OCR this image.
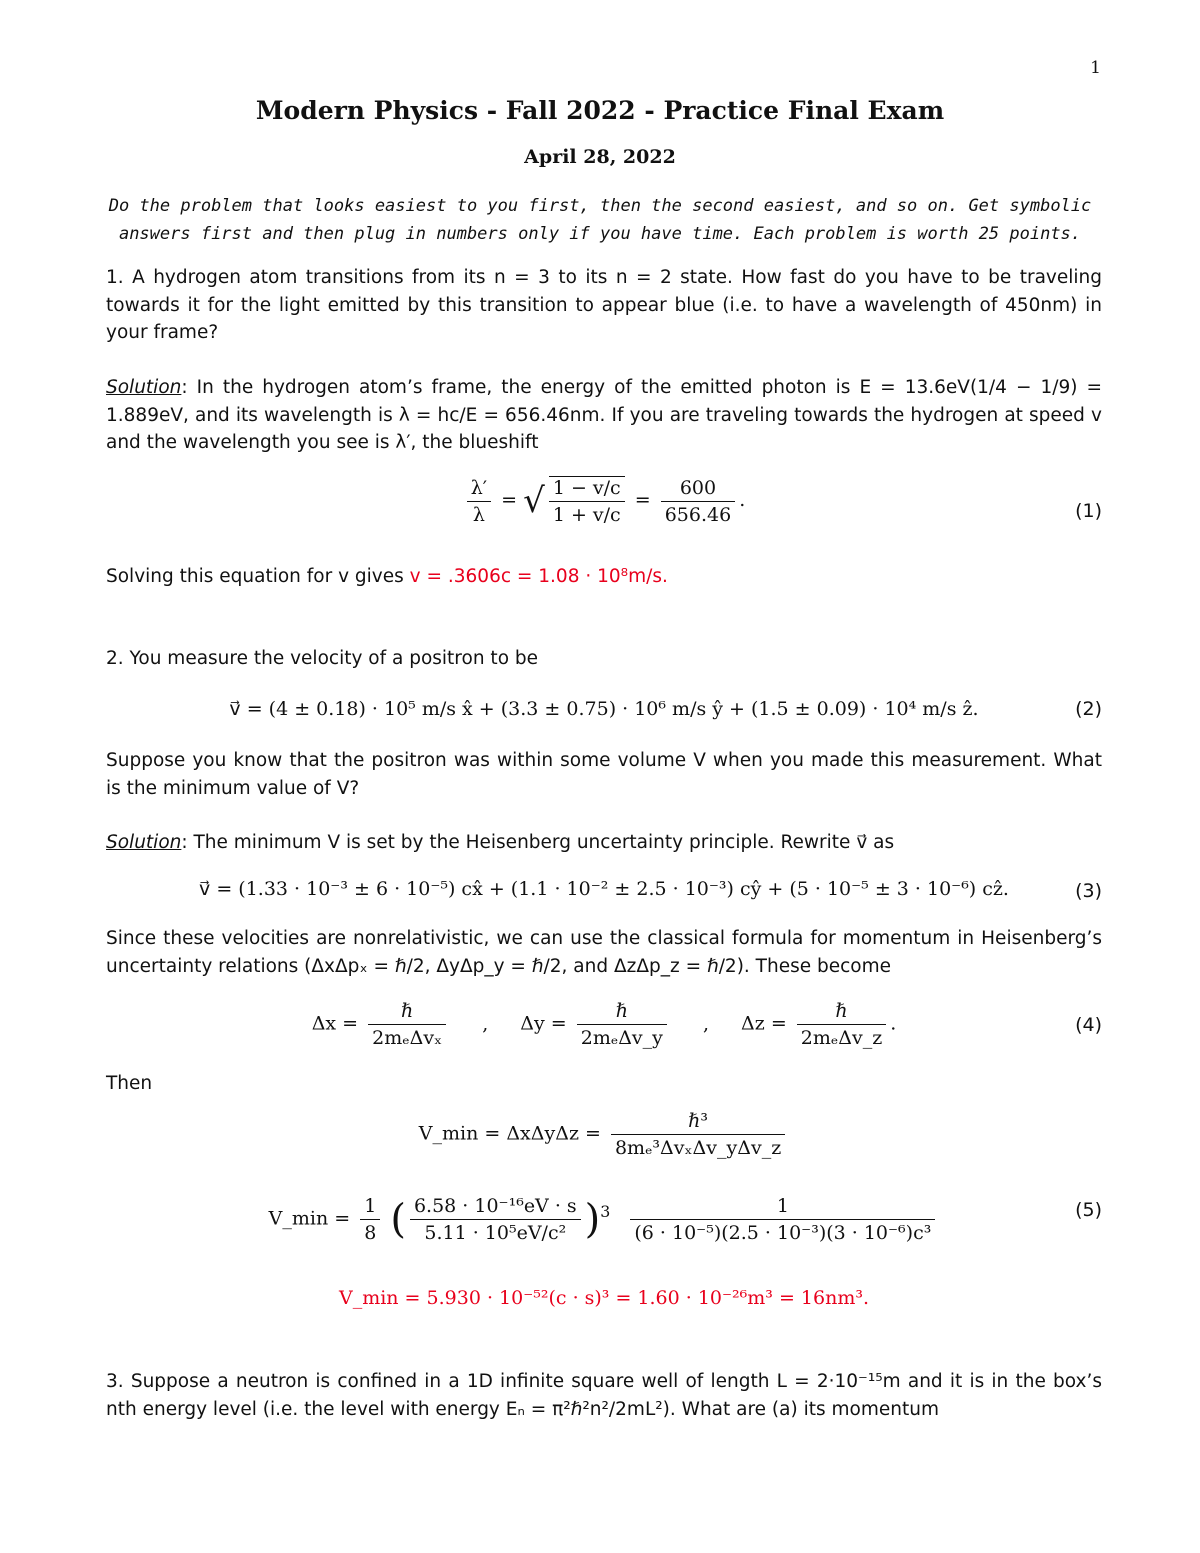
1
Modern Physics - Fall 2022 - Practice Final Exam
April 28, 2022
Do the problem that looks easiest to you first, then the second easiest, and so on. Get symbolic
answers first and then plug in numbers only if you have time. Each problem is worth 25 points.
1. A hydrogen atom transitions from its n = 3 to its n = 2 state. How fast do you have to be traveling towards it for the light emitted by this transition to appear blue (i.e. to have a wavelength of 450nm) in your frame?
Solution: In the hydrogen atom’s frame, the energy of the emitted photon is E = 13.6eV(1/4 − 1/9) = 1.889eV, and its wavelength is λ = hc/E = 656.46nm. If you are traveling towards the hydrogen at speed v and the wavelength you see is λ′, the blueshift
$\frac{\lambda'}{\lambda}$ = √ $\frac{1 - v/c}{1 + v/c} = \frac{600}{656.46}$ .	(1)
Solving this equation for v gives v = .3606c = 1.08 · 10⁸m/s.
2. You measure the velocity of a positron to be
v⃗ = (4 ± 0.18) · 10⁵ m/s x̂ + (3.3 ± 0.75) · 10⁶ m/s ŷ + (1.5 ± 0.09) · 10⁴ m/s ẑ.	(2)
Suppose you know that the positron was within some volume V when you made this measurement. What is the minimum value of V?
Solution: The minimum V is set by the Heisenberg uncertainty principle. Rewrite v⃗ as
v⃗ = (1.33 · 10⁻³ ± 6 · 10⁻⁵) cx̂ + (1.1 · 10⁻² ± 2.5 · 10⁻³) cŷ + (5 · 10⁻⁵ ± 3 · 10⁻⁶) cẑ.	(3)
Since these velocities are nonrelativistic, we can use the classical formula for momentum in Heisenberg’s uncertainty relations (ΔxΔpₓ = ℏ/2, ΔyΔp_y = ℏ/2, and ΔzΔp_z = ℏ/2). These become
$\Delta x = \frac{\text{ℏ}}{\text{2mₑΔvₓ}}$ , $\Delta y = \frac{\text{ℏ}}{\text{2mₑΔv\_y}}$ , $\Delta z = \frac{\text{ℏ}}{\text{2mₑΔv\_z}}$ .	(4)
Then
V_min = $\Delta x\Delta y\Delta z = \frac{\text{ℏ³}}{\text{8mₑ³ΔvₓΔv\_yΔv\_z}}$
V_min = $\frac{1}{8}$ ( $\frac{\text{6.58 · 10⁻¹⁶eV · s}}{\text{5.11 · 10⁵eV/c²}} )^3 \frac{1}{\text{(6 · 10⁻⁵)(2.5 · 10⁻³)(3 · 10⁻⁶)c³}}$	(5)
V_min = 5.930 · 10⁻⁵²(c · s)³ = 1.60 · 10⁻²⁶m³ = 16nm³.
3. Suppose a neutron is confined in a 1D infinite square well of length L = 2·10⁻¹⁵m and it is in the box’s nth energy level (i.e. the level with energy Eₙ = π²ℏ²n²/2mL²). What are (a) its momentum
